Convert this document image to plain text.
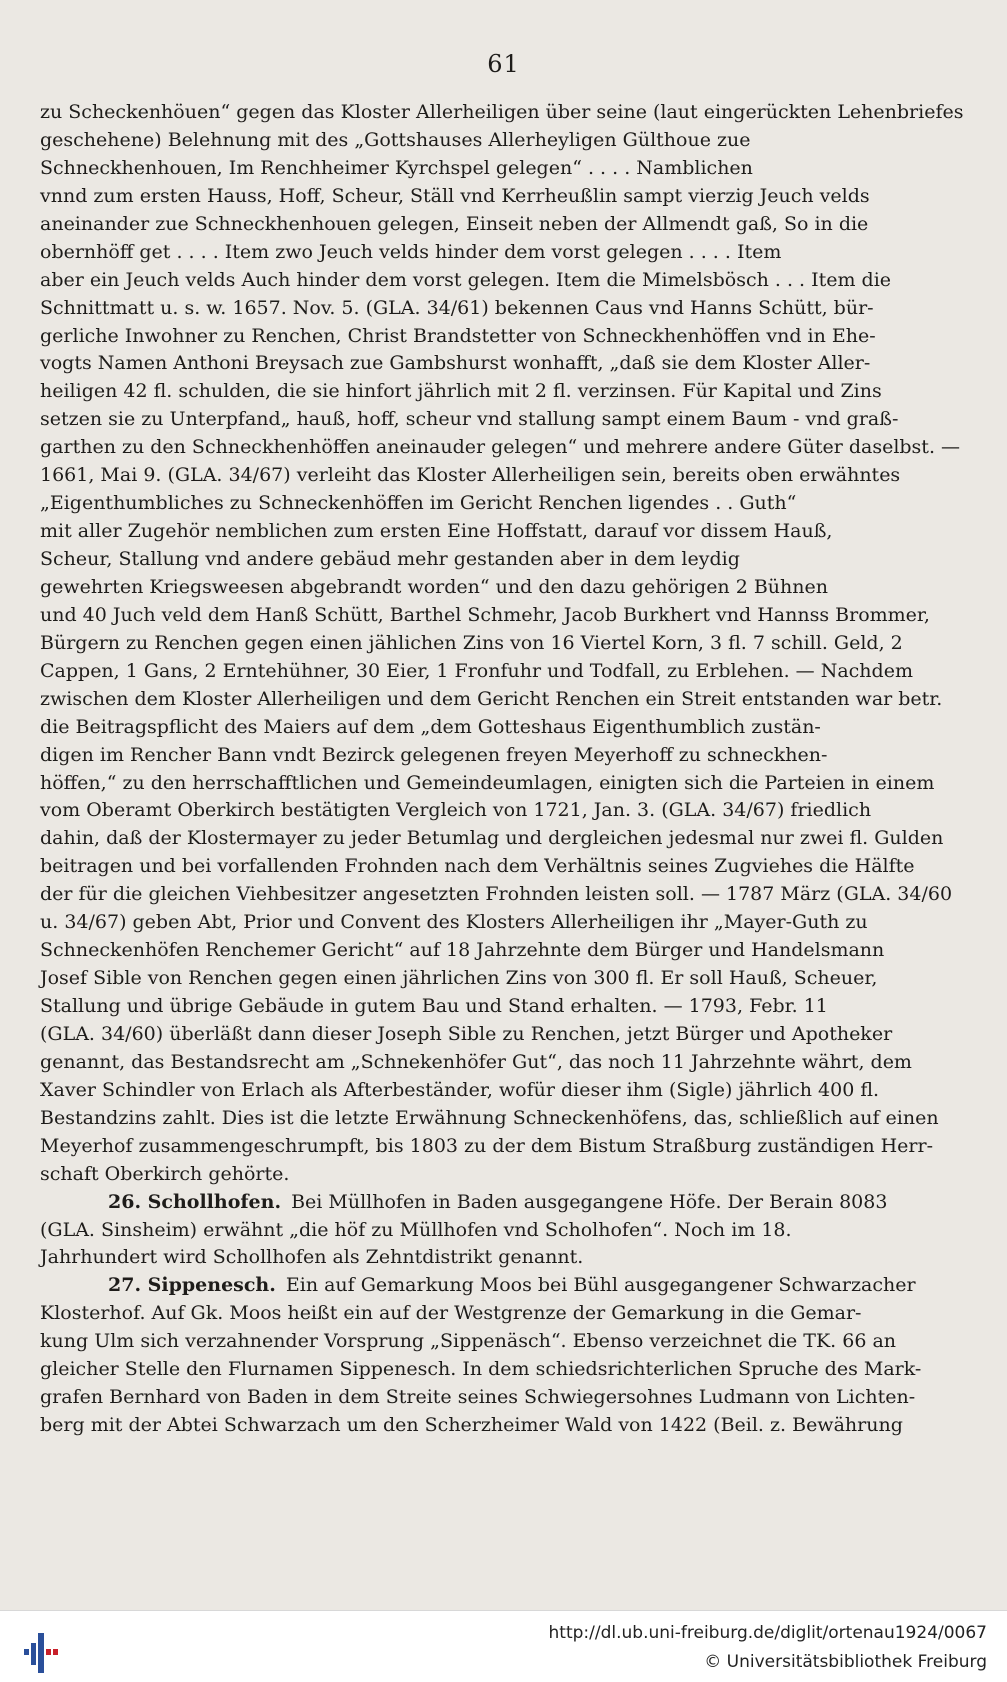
61
zu Scheckenhöuen“ gegen das Kloster Allerheiligen über seine (laut eingerückten Lehenbriefes
geschehene) Belehnung mit des „Gottshauses Allerheyligen Gülthoue zue
Schneckhenhouen, Im Renchheimer Kyrchspel gelegen“ . . . . Namblichen
vnnd zum ersten Hauss, Hoff, Scheur, Ställ vnd Kerrheußlin sampt vierzig Jeuch velds
aneinander zue Schneckhenhouen gelegen, Einseit neben der Allmendt gaß, So in die
obernhöff get . . . . Item zwo Jeuch velds hinder dem vorst gelegen . . . . Item
aber ein Jeuch velds Auch hinder dem vorst gelegen. Item die Mimelsbösch . . . Item die
Schnittmatt u. s. w. 1657. Nov. 5. (GLA. 34/61) bekennen Caus vnd Hanns Schütt, bür-
gerliche Inwohner zu Renchen, Christ Brandstetter von Schneckhenhöffen vnd in Ehe-
vogts Namen Anthoni Breysach zue Gambshurst wonhafft, „daß sie dem Kloster Aller-
heiligen 42 fl. schulden, die sie hinfort jährlich mit 2 fl. verzinsen. Für Kapital und Zins
setzen sie zu Unterpfand„ hauß, hoff, scheur vnd stallung sampt einem Baum - vnd graß-
garthen zu den Schneckhenhöffen aneinauder gelegen“ und mehrere andere Güter daselbst. —
1661, Mai 9. (GLA. 34/67) verleiht das Kloster Allerheiligen sein, bereits oben erwähntes
„Eigenthumbliches zu Schneckenhöffen im Gericht Renchen ligendes . . Guth“
mit aller Zugehör nemblichen zum ersten Eine Hoffstatt, darauf vor dissem Hauß,
Scheur, Stallung vnd andere gebäud mehr gestanden aber in dem leydig
gewehrten Kriegsweesen abgebrandt worden“ und den dazu gehörigen 2 Bühnen
und 40 Juch veld dem Hanß Schütt, Barthel Schmehr, Jacob Burkhert vnd Hannss Brommer,
Bürgern zu Renchen gegen einen jählichen Zins von 16 Viertel Korn, 3 fl. 7 schill. Geld, 2
Cappen, 1 Gans, 2 Erntehühner, 30 Eier, 1 Fronfuhr und Todfall, zu Erblehen. — Nachdem
zwischen dem Kloster Allerheiligen und dem Gericht Renchen ein Streit entstanden war betr.
die Beitragspflicht des Maiers auf dem „dem Gotteshaus Eigenthumblich zustän-
digen im Rencher Bann vndt Bezirck gelegenen freyen Meyerhoff zu schneckhen-
höffen,“ zu den herrschafftlichen und Gemeindeumlagen, einigten sich die Parteien in einem
vom Oberamt Oberkirch bestätigten Vergleich von 1721, Jan. 3. (GLA. 34/67) friedlich
dahin, daß der Klostermayer zu jeder Betumlag und dergleichen jedesmal nur zwei fl. Gulden
beitragen und bei vorfallenden Frohnden nach dem Verhältnis seines Zugviehes die Hälfte
der für die gleichen Viehbesitzer angesetzten Frohnden leisten soll. — 1787 März (GLA. 34/60
u. 34/67) geben Abt, Prior und Convent des Klosters Allerheiligen ihr „Mayer-Guth zu
Schneckenhöfen Renchemer Gericht“ auf 18 Jahrzehnte dem Bürger und Handelsmann
Josef Sible von Renchen gegen einen jährlichen Zins von 300 fl. Er soll Hauß, Scheuer,
Stallung und übrige Gebäude in gutem Bau und Stand erhalten. — 1793, Febr. 11
(GLA. 34/60) überläßt dann dieser Joseph Sible zu Renchen, jetzt Bürger und Apotheker
genannt, das Bestandsrecht am „Schnekenhöfer Gut“, das noch 11 Jahrzehnte währt, dem
Xaver Schindler von Erlach als Afterbeständer, wofür dieser ihm (Sigle) jährlich 400 fl.
Bestandzins zahlt. Dies ist die letzte Erwähnung Schneckenhöfens, das, schließlich auf einen
Meyerhof zusammengeschrumpft, bis 1803 zu der dem Bistum Straßburg zuständigen Herr-
schaft Oberkirch gehörte.
26. Schollhofen. Bei Müllhofen in Baden ausgegangene Höfe. Der Berain 8083
(GLA. Sinsheim) erwähnt „die höf zu Müllhofen vnd Scholhofen“. Noch im 18.
Jahrhundert wird Schollhofen als Zehntdistrikt genannt.
27. Sippenesch. Ein auf Gemarkung Moos bei Bühl ausgegangener Schwarzacher
Klosterhof. Auf Gk. Moos heißt ein auf der Westgrenze der Gemarkung in die Gemar-
kung Ulm sich verzahnender Vorsprung „Sippenäsch“. Ebenso verzeichnet die TK. 66 an
gleicher Stelle den Flurnamen Sippenesch. In dem schiedsrichterlichen Spruche des Mark-
grafen Bernhard von Baden in dem Streite seines Schwiegersohnes Ludmann von Lichten-
berg mit der Abtei Schwarzach um den Scherzheimer Wald von 1422 (Beil. z. Bewährung
http://dl.ub.uni-freiburg.de/diglit/ortenau1924/0067
© Universitätsbibliothek Freiburg
